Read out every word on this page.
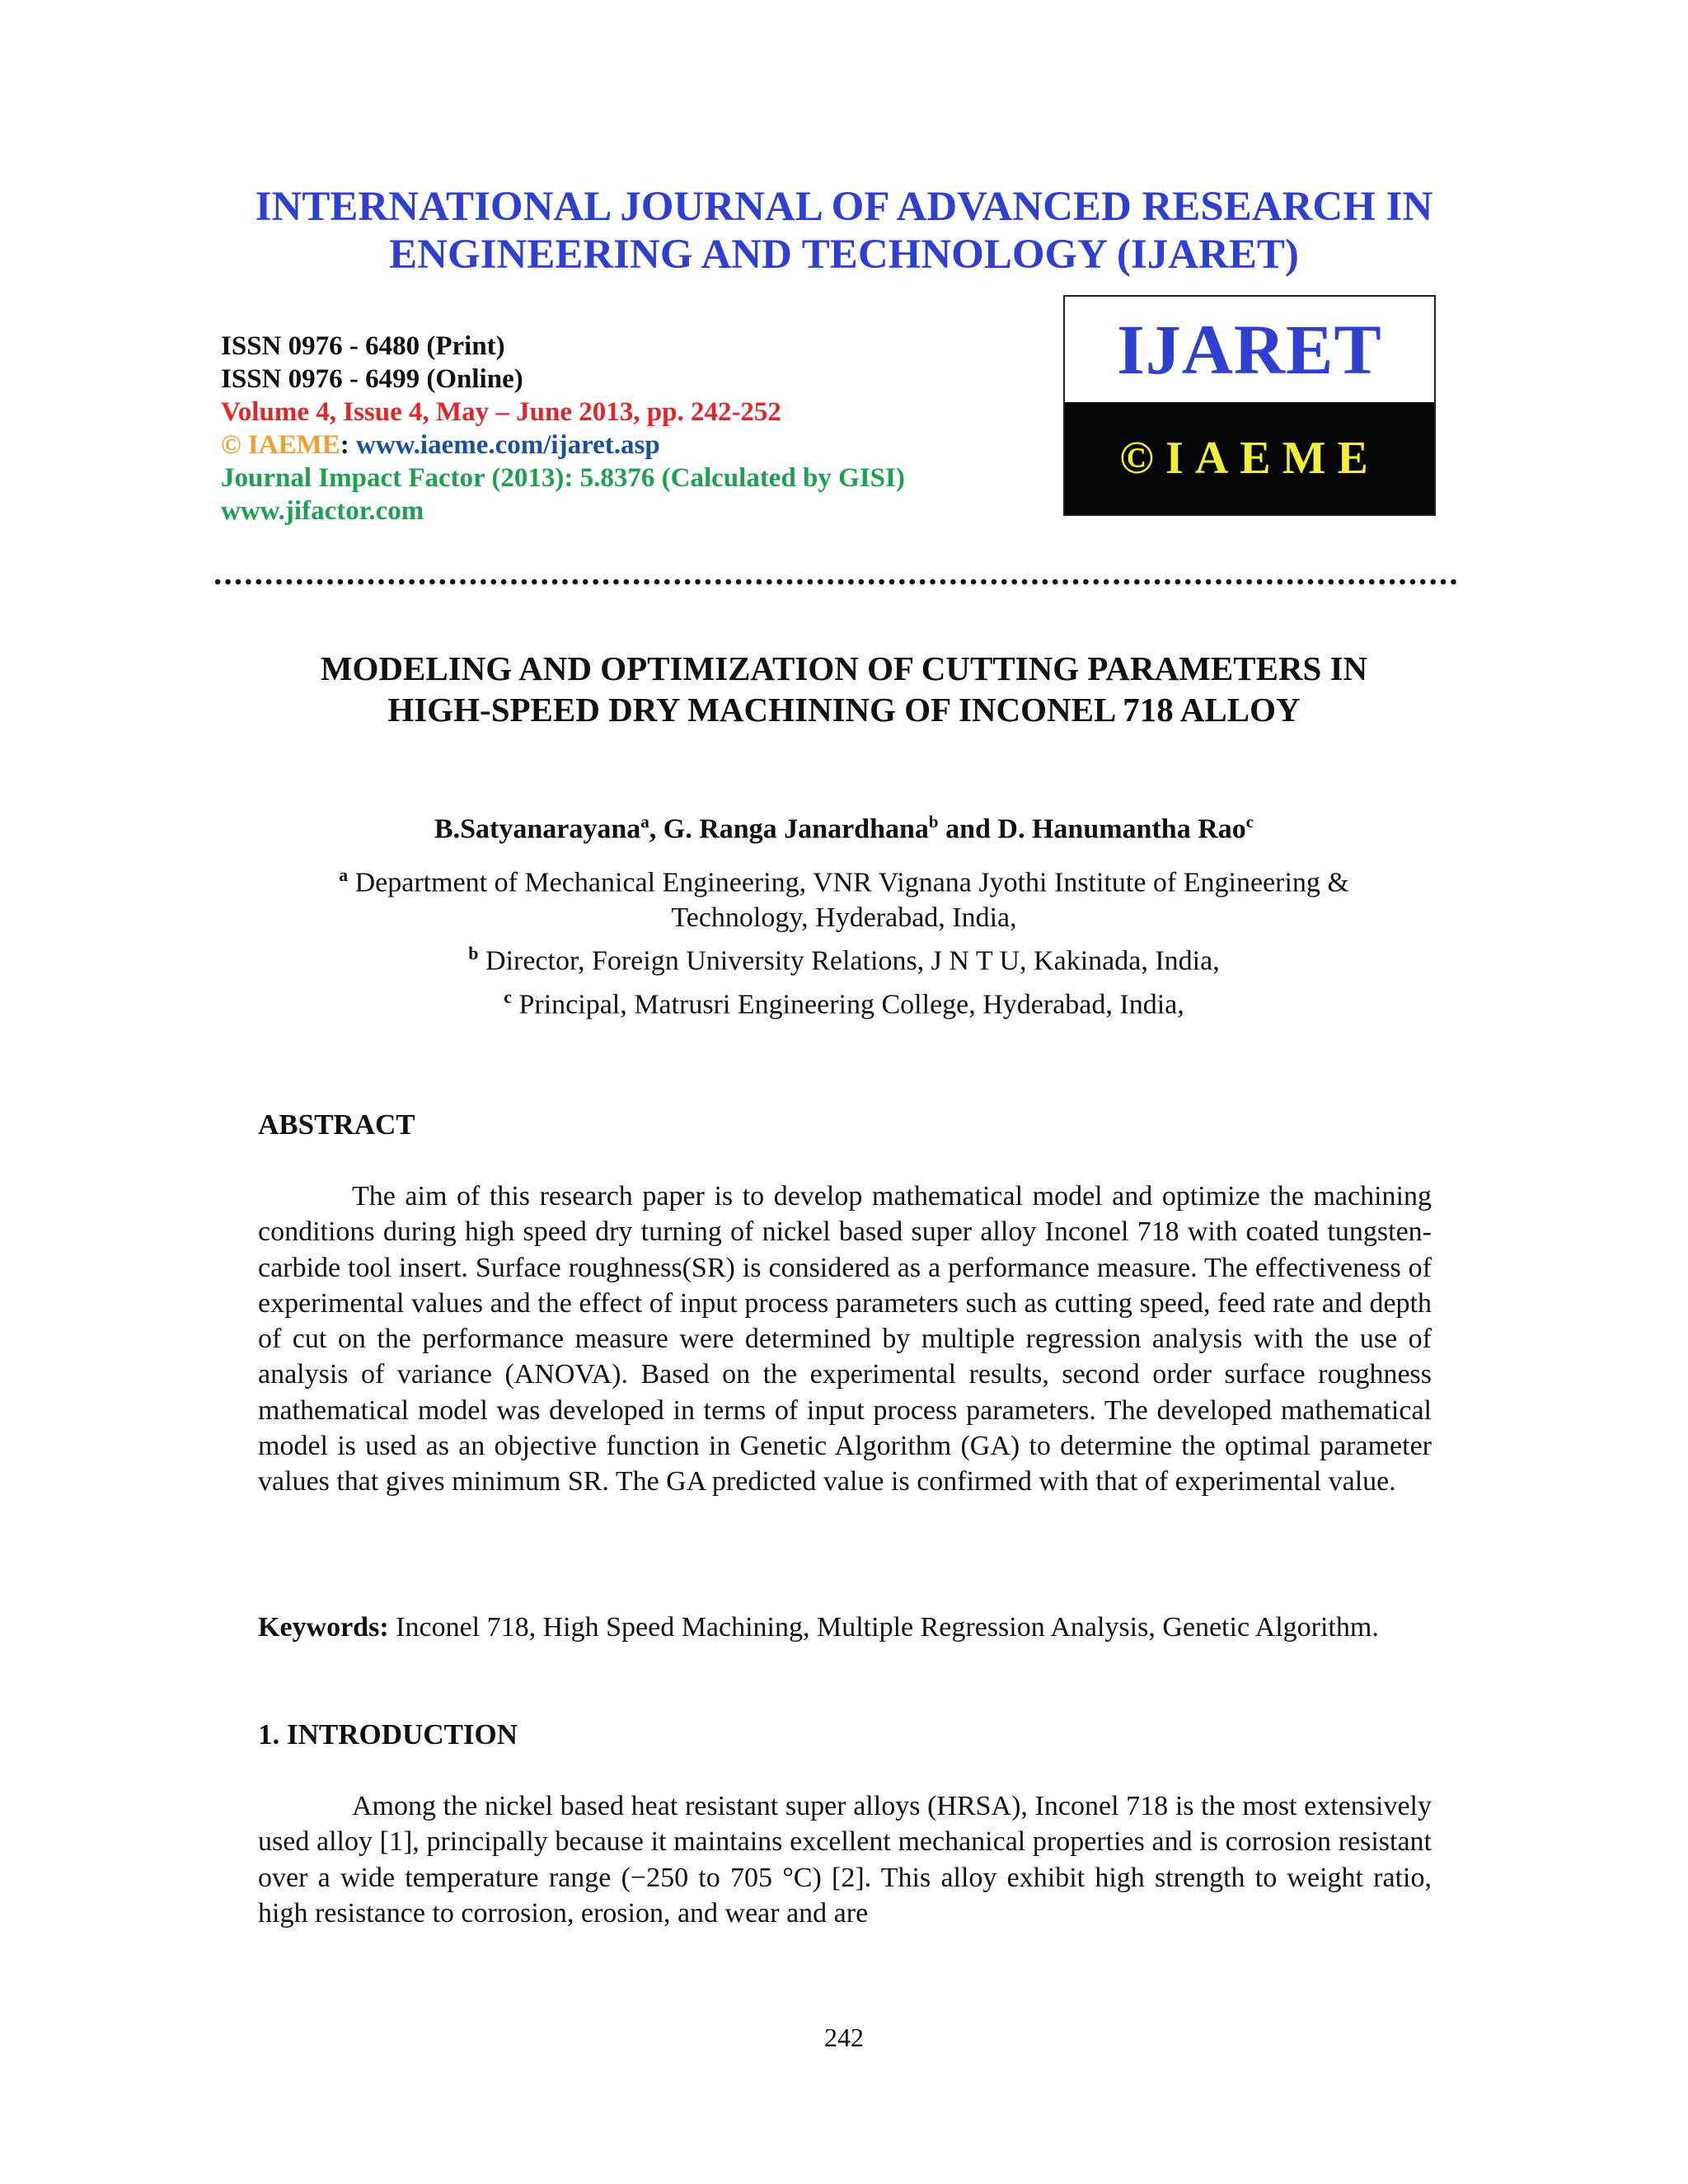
INTERNATIONAL JOURNAL OF ADVANCED RESEARCH IN
ENGINEERING AND TECHNOLOGY (IJARET)
ISSN 0976 - 6480 (Print)
ISSN 0976 - 6499 (Online)
Volume 4, Issue 4, May – June 2013, pp. 242-252
© IAEME: www.iaeme.com/ijaret.asp
Journal Impact Factor (2013): 5.8376 (Calculated by GISI)
www.jifactor.com
IJARET
©IAEME
MODELING AND OPTIMIZATION OF CUTTING PARAMETERS IN
HIGH-SPEED DRY MACHINING OF INCONEL 718 ALLOY
B.Satyanarayana$^a$, G. Ranga Janardhana$^b$ and D. Hanumantha Rao$^c$
$^a$ Department of Mechanical Engineering, VNR Vignana Jyothi Institute of Engineering &
Technology, Hyderabad, India,
$^b$ Director, Foreign University Relations, J N T U, Kakinada, India,
$^c$ Principal, Matrusri Engineering College, Hyderabad, India,
ABSTRACT
The aim of this research paper is to develop mathematical model and optimize the machining conditions during high speed dry turning of nickel based super alloy Inconel 718 with coated tungsten-carbide tool insert. Surface roughness(SR) is considered as a performance measure. The effectiveness of experimental values and the effect of input process parameters such as cutting speed, feed rate and depth of cut on the performance measure were determined by multiple regression analysis with the use of analysis of variance (ANOVA). Based on the experimental results, second order surface roughness mathematical model was developed in terms of input process parameters. The developed mathematical model is used as an objective function in Genetic Algorithm (GA) to determine the optimal parameter values that gives minimum SR. The GA predicted value is confirmed with that of experimental value.
Keywords: Inconel 718, High Speed Machining, Multiple Regression Analysis, Genetic Algorithm.
1. INTRODUCTION
Among the nickel based heat resistant super alloys (HRSA), Inconel 718 is the most extensively used alloy [1], principally because it maintains excellent mechanical properties and is corrosion resistant over a wide temperature range (−250 to 705 °C) [2]. This alloy exhibit high strength to weight ratio, high resistance to corrosion, erosion, and wear and are
242
